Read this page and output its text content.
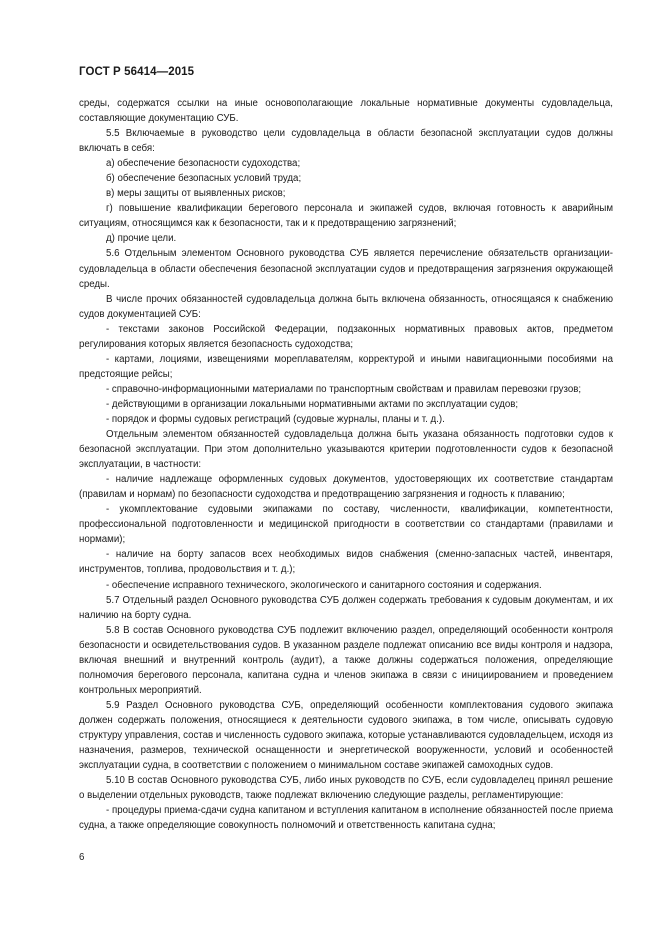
ГОСТ Р 56414—2015

среды, содержатся ссылки на иные основополагающие локальные нормативные документы судовладельца, составляющие документацию СУБ.

5.5 Включаемые в руководство цели судовладельца в области безопасной эксплуатации судов должны включать в себя:

а) обеспечение безопасности судоходства;

б) обеспечение безопасных условий труда;

в) меры защиты от выявленных рисков;

г) повышение квалификации берегового персонала и экипажей судов, включая готовность к аварийным ситуациям, относящимся как к безопасности, так и к предотвращению загрязнений;

д) прочие цели.

5.6 Отдельным элементом Основного руководства СУБ является перечисление обязательств организации-судовладельца в области обеспечения безопасной эксплуатации судов и предотвращения загрязнения окружающей среды.

В числе прочих обязанностей судовладельца должна быть включена обязанность, относящаяся к снабжению судов документацией СУБ:

- текстами законов Российской Федерации, подзаконных нормативных правовых актов, предметом регулирования которых является безопасность судоходства;

- картами, лоциями, извещениями мореплавателям, корректурой и иными навигационными пособиями на предстоящие рейсы;

- справочно-информационными материалами по транспортным свойствам и правилам перевозки грузов;

- действующими в организации локальными нормативными актами по эксплуатации судов;

- порядок и формы судовых регистраций (судовые журналы, планы и т. д.).

Отдельным элементом обязанностей судовладельца должна быть указана обязанность подготовки судов к безопасной эксплуатации. При этом дополнительно указываются критерии подготовленности судов к безопасной эксплуатации, в частности:

- наличие надлежаще оформленных судовых документов, удостоверяющих их соответствие стандартам (правилам и нормам) по безопасности судоходства и предотвращению загрязнения и годность к плаванию;

- укомплектование судовыми экипажами по составу, численности, квалификации, компетентности, профессиональной подготовленности и медицинской пригодности в соответствии со стандартами (правилами и нормами);

- наличие на борту запасов всех необходимых видов снабжения (сменно-запасных частей, инвентаря, инструментов, топлива, продовольствия и т. д.);

- обеспечение исправного технического, экологического и санитарного состояния и содержания.

5.7 Отдельный раздел Основного руководства СУБ должен содержать требования к судовым документам, и их наличию на борту судна.

5.8 В состав Основного руководства СУБ подлежит включению раздел, определяющий особенности контроля безопасности и освидетельствования судов. В указанном разделе подлежат описанию все виды контроля и надзора, включая внешний и внутренний контроль (аудит), а также должны содержаться положения, определяющие полномочия берегового персонала, капитана судна и членов экипажа в связи с инициированием и проведением контрольных мероприятий.

5.9 Раздел Основного руководства СУБ, определяющий особенности комплектования судового экипажа должен содержать положения, относящиеся к деятельности судового экипажа, в том числе, описывать судовую структуру управления, состав и численность судового экипажа, которые устанавливаются судовладельцем, исходя из назначения, размеров, технической оснащенности и энергетической вооруженности, условий и особенностей эксплуатации судна, в соответствии с положением о минимальном составе экипажей самоходных судов.

5.10 В состав Основного руководства СУБ, либо иных руководств по СУБ, если судовладелец принял решение о выделении отдельных руководств, также подлежат включению следующие разделы, регламентирующие:

- процедуры приема-сдачи судна капитаном и вступления капитаном в исполнение обязанностей после приема судна, а также определяющие совокупность полномочий и ответственность капитана судна;

6
